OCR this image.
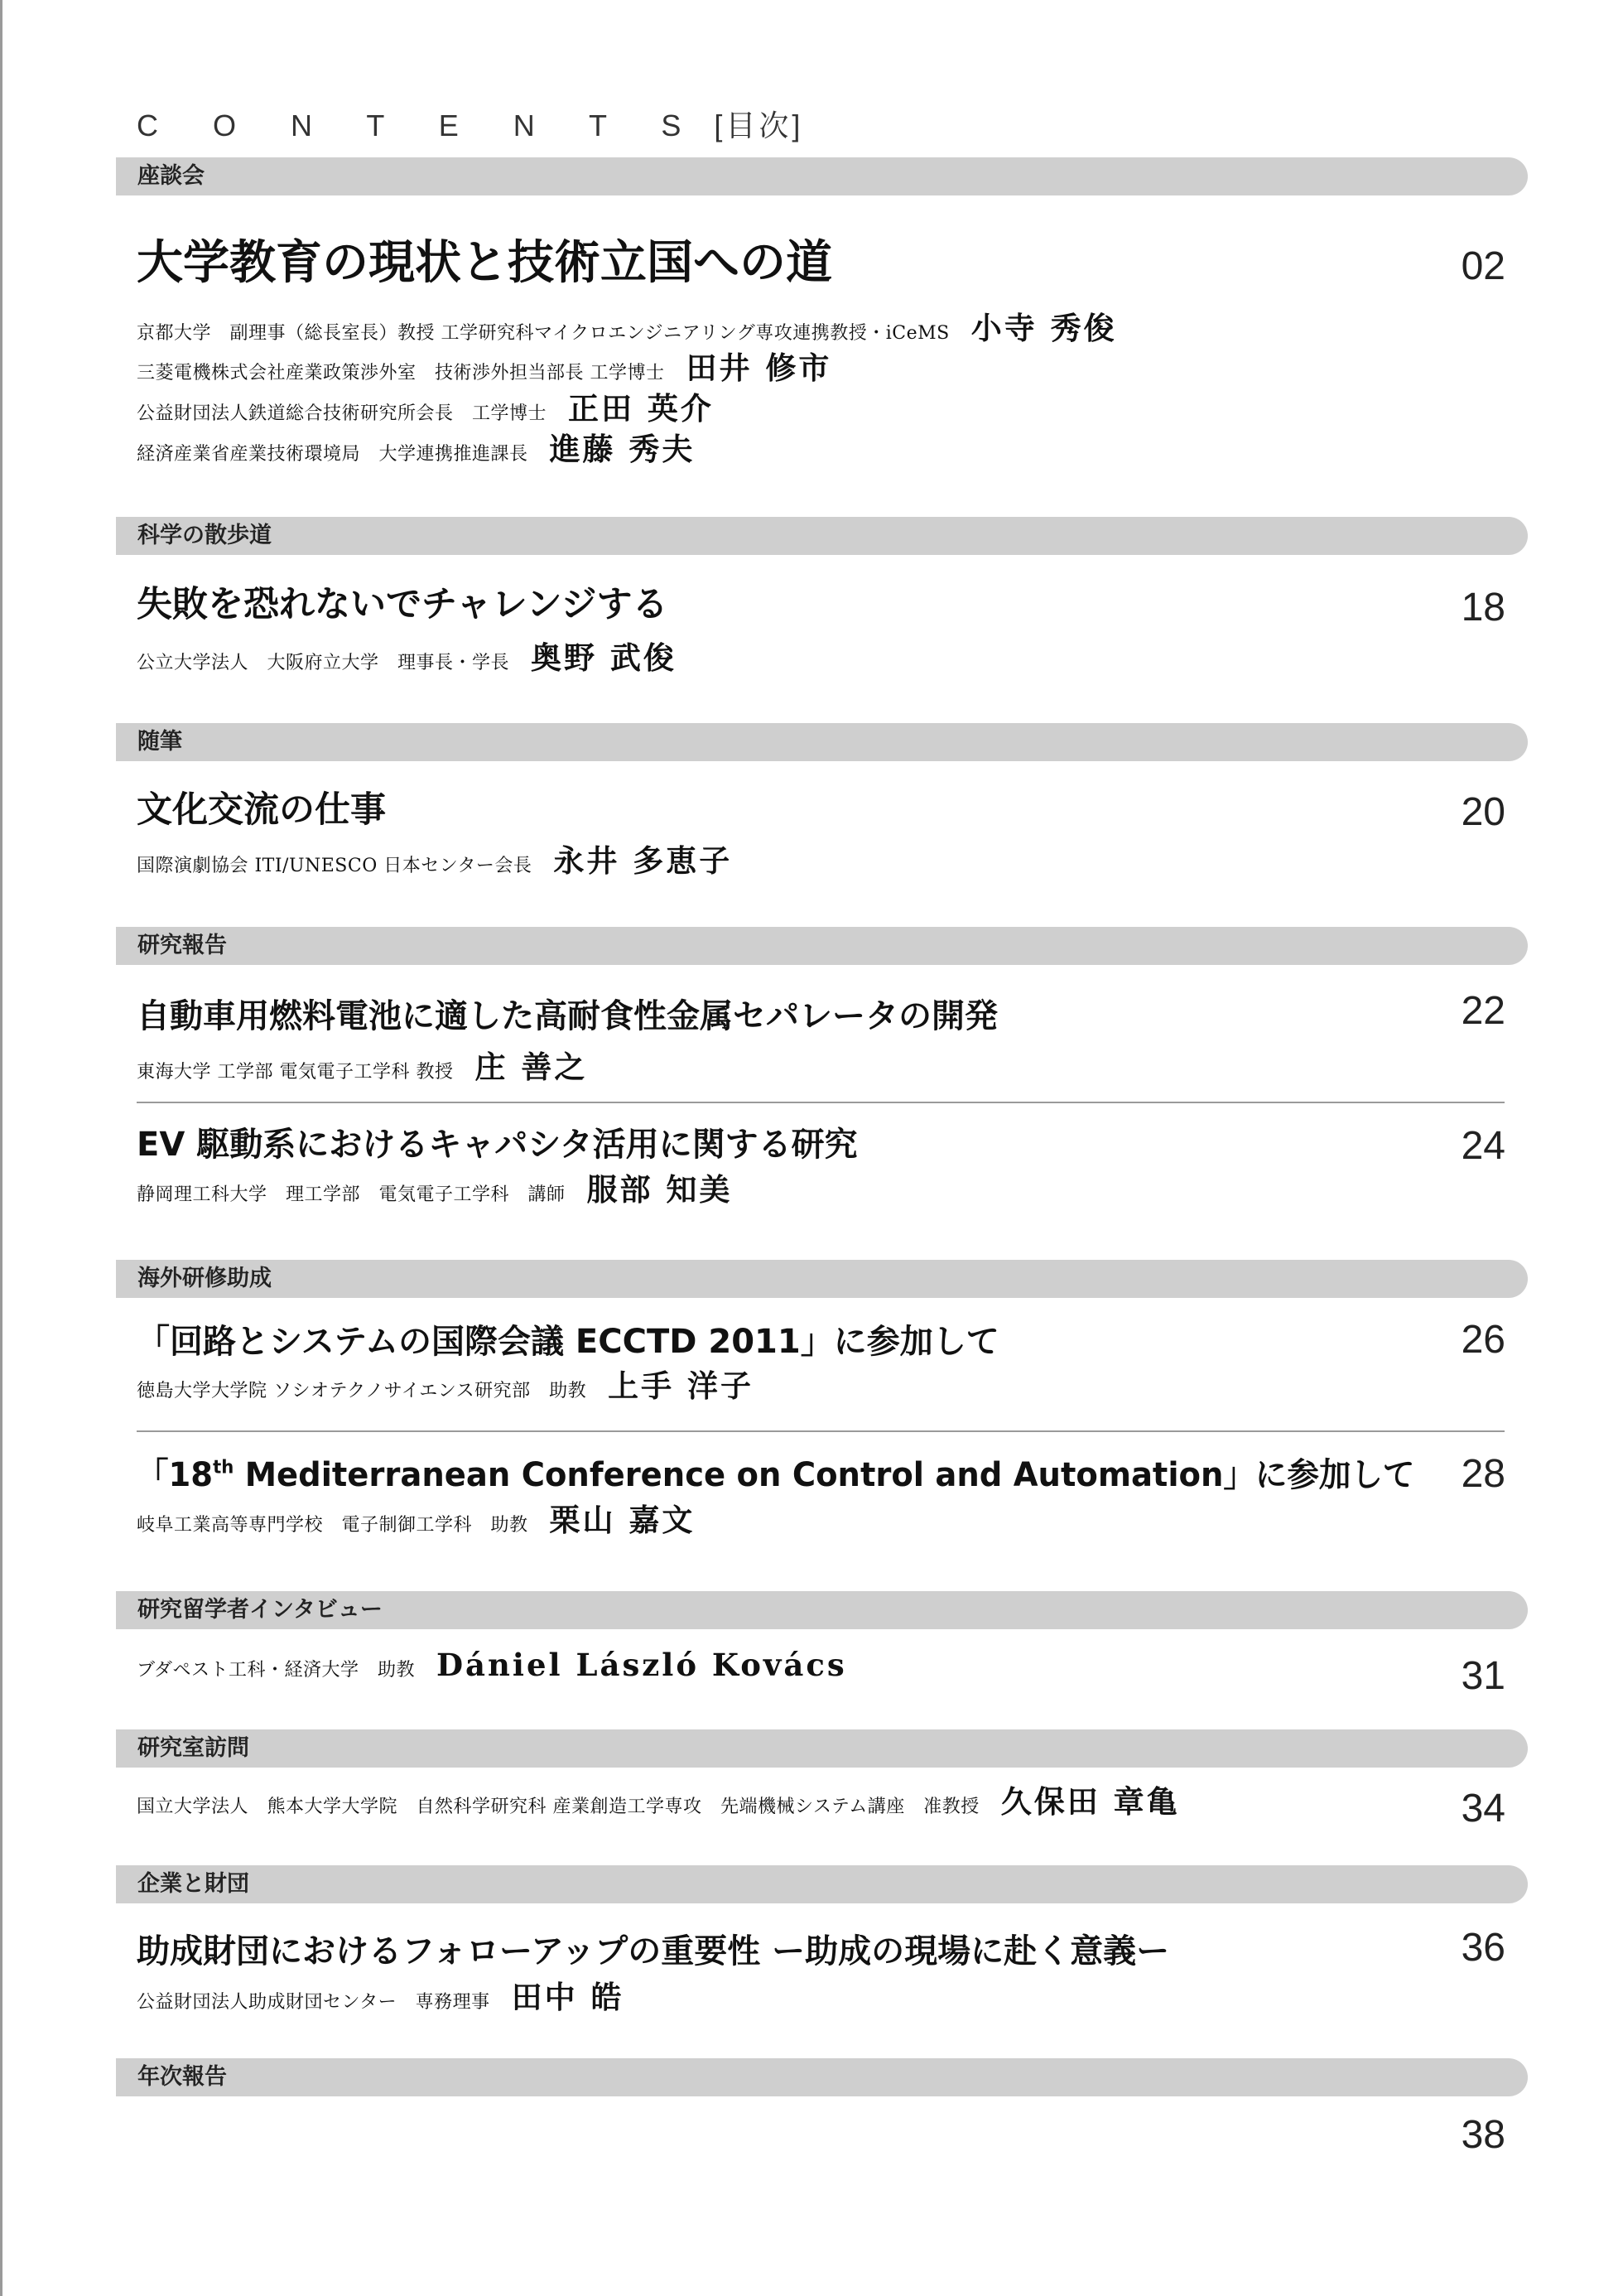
C O N T E N T S [目次]
座談会
大学教育の現状と技術立国への道	02
京都大学　副理事（総長室長）教授 工学研究科マイクロエンジニアリング専攻連携教授・iCeMS 小寺 秀俊
三菱電機株式会社産業政策渉外室　技術渉外担当部長 工学博士 田井 修市
公益財団法人鉄道総合技術研究所会長　工学博士 正田 英介
経済産業省産業技術環境局　大学連携推進課長 進藤 秀夫
科学の散歩道
失敗を恐れないでチャレンジする	18
公立大学法人　大阪府立大学　理事長・学長 奥野 武俊
随筆
文化交流の仕事	20
国際演劇協会 ITI/UNESCO 日本センター会長 永井 多恵子
研究報告
自動車用燃料電池に適した高耐食性金属セパレータの開発	22
東海大学 工学部 電気電子工学科 教授 庄 善之
EV 駆動系におけるキャパシタ活用に関する研究	24
静岡理工科大学　理工学部　電気電子工学科　講師 服部 知美
海外研修助成
「回路とシステムの国際会議 ECCTD 2011」に参加して	26
徳島大学大学院 ソシオテクノサイエンス研究部　助教 上手 洋子
「18th Mediterranean Conference on Control and Automation」に参加して 28
岐阜工業高等専門学校　電子制御工学科　助教 栗山 嘉文
研究留学者インタビュー
ブダペスト工科・経済大学　助教 Dániel László Kovács	31
研究室訪問
国立大学法人　熊本大学大学院　自然科学研究科 産業創造工学専攻　先端機械システム講座　准教授 久保田 章亀	34
企業と財団
助成財団におけるフォローアップの重要性 ー助成の現場に赴く意義ー	36
公益財団法人助成財団センター　専務理事 田中 皓
年次報告
38
